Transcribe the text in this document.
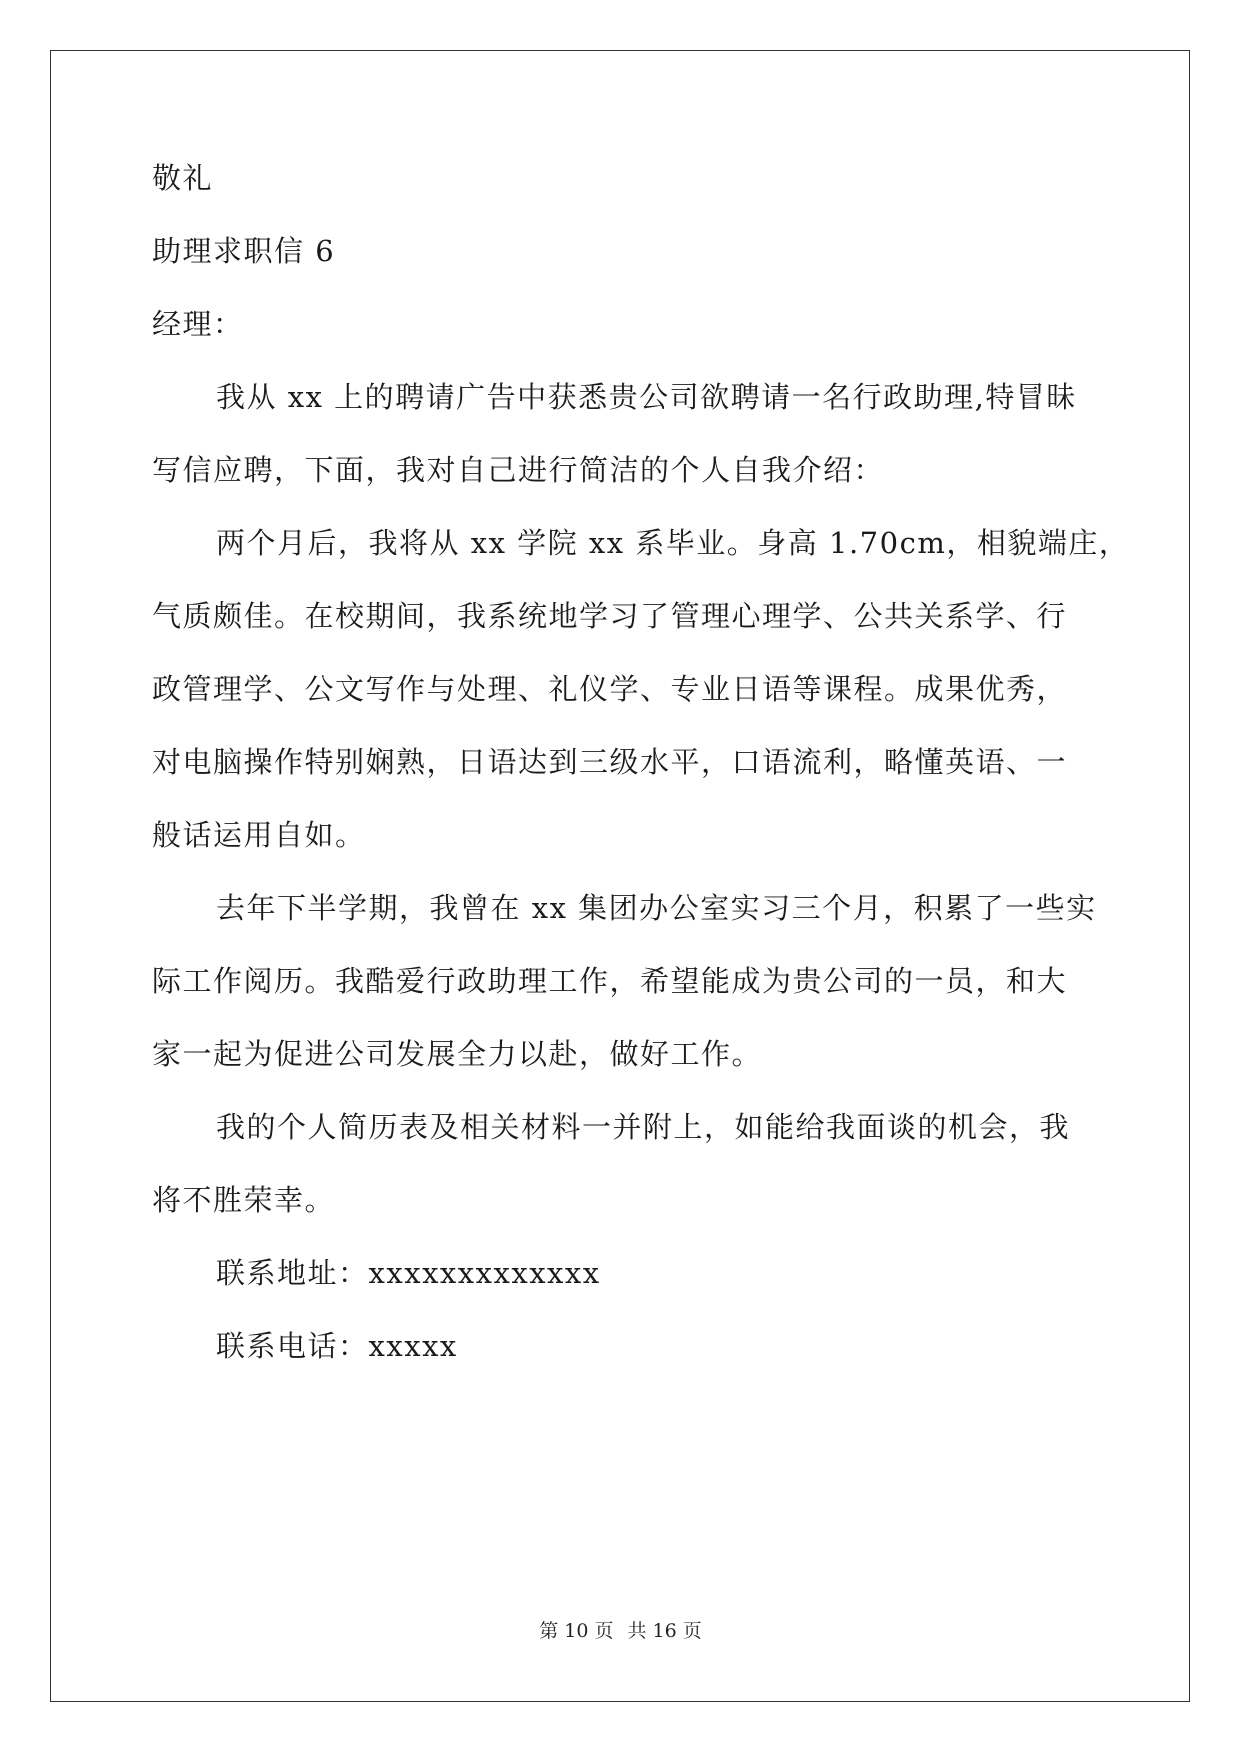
敬礼
助理求职信 6
经理：
我从 xx 上的聘请广告中获悉贵公司欲聘请一名行政助理,特冒昧
写信应聘，下面，我对自己进行简洁的个人自我介绍：
两个月后，我将从 xx 学院 xx 系毕业。身高 1.70cm，相貌端庄，
气质颇佳。在校期间，我系统地学习了管理心理学、公共关系学、行
政管理学、公文写作与处理、礼仪学、专业日语等课程。成果优秀，
对电脑操作特别娴熟，日语达到三级水平，口语流利，略懂英语、一
般话运用自如。
去年下半学期，我曾在 xx 集团办公室实习三个月，积累了一些实
际工作阅历。我酷爱行政助理工作，希望能成为贵公司的一员，和大
家一起为促进公司发展全力以赴，做好工作。
我的个人简历表及相关材料一并附上，如能给我面谈的机会，我
将不胜荣幸。
联系地址：xxxxxxxxxxxxx
联系电话：xxxxx
第 10 页 共 16 页
